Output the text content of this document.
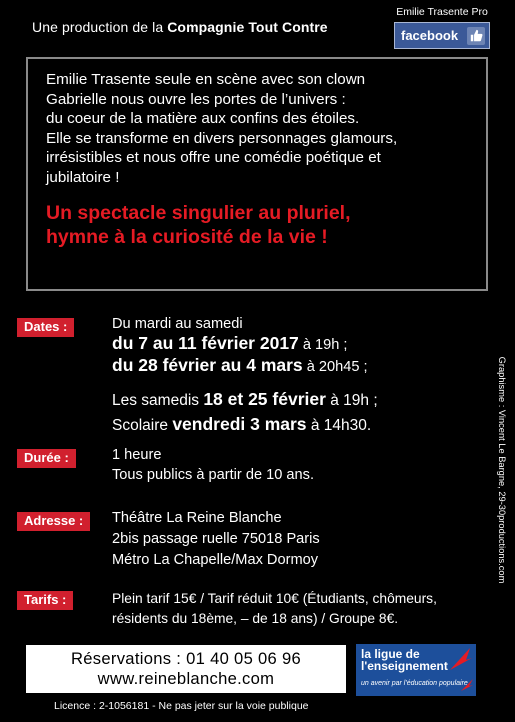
Une production de la Compagnie Tout Contre
Emilie Trasente Pro
facebook

Emilie Trasente seule en scène avec son clown
Gabrielle nous ouvre les portes de l’univers :
du coeur de la matière aux confins des étoiles.
Elle se transforme en divers personnages glamours,
irrésistibles et nous offre une comédie poétique et
jubilatoire !

Un spectacle singulier au pluriel,
hymne à la curiosité de la vie !

Dates :	Du mardi au samedi
du 7 au 11 février 2017 à 19h ;
du 28 février au 4 mars à 20h45 ;
Les samedis 18 et 25 février à 19h ;
Scolaire vendredi 3 mars à 14h30.
Durée :	1 heure
Tous publics à partir de 10 ans.
Adresse :	Théâtre La Reine Blanche
2bis passage ruelle 75018 Paris
Métro La Chapelle/Max Dormoy
Tarifs :	Plein tarif 15€ / Tarif réduit 10€ (Étudiants, chômeurs,
résidents du 18ème, – de 18 ans) / Groupe 8€.
Graphisme : Vincent Le Bargne, 29-30productions.com
Réservations : 01 40 05 06 96
www.reineblanche.com
la ligue de
l'enseignement
un avenir par l'éducation populaire
Licence : 2-1056181 - Ne pas jeter sur la voie publique
